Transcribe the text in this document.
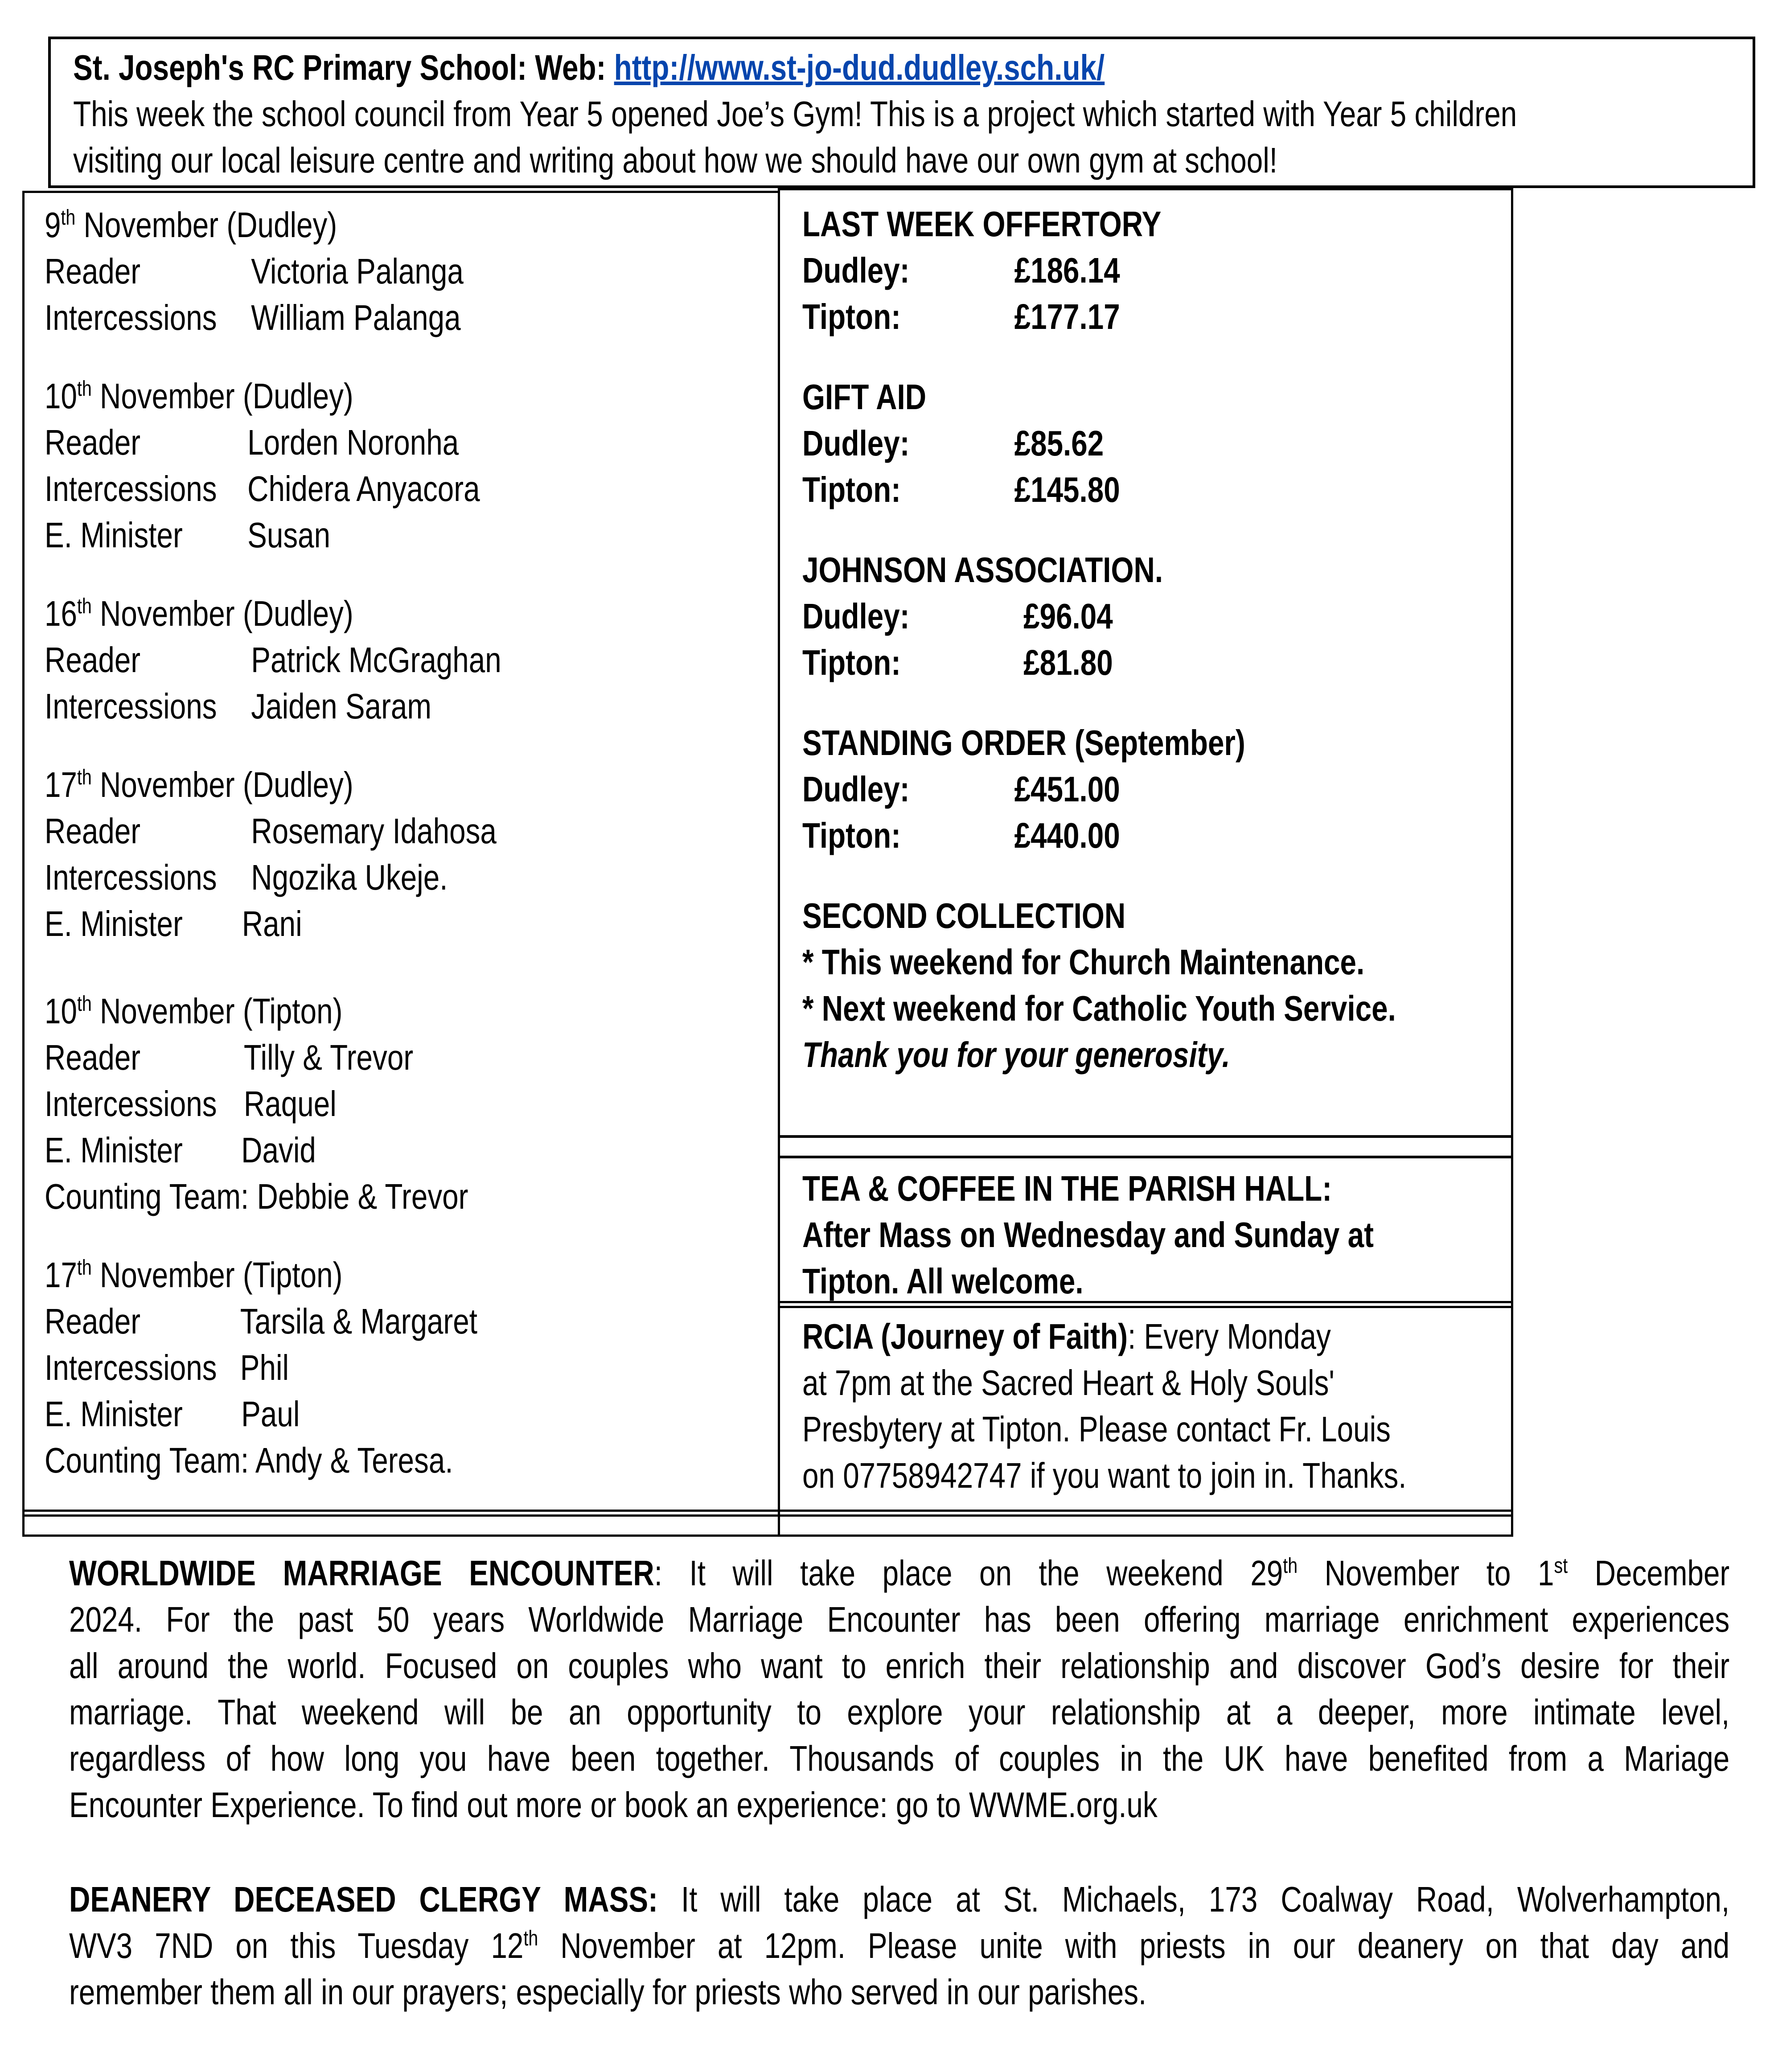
St. Joseph's RC Primary School: Web: http://www.st-jo-dud.dudley.sch.uk/
This week the school council from Year 5 opened Joe’s Gym! This is a project which started with Year 5 children
visiting our local leisure centre and writing about how we should have our own gym at school!
9th November (Dudley)
Reader	Victoria Palanga
Intercessions William Palanga
10th November (Dudley)
Reader	Lorden Noronha
Intercessions Chidera Anyacora
E. Minister Susan
16th November (Dudley)
Reader	Patrick McGraghan
Intercessions Jaiden Saram
17th November (Dudley)
Reader	Rosemary Idahosa
Intercessions Ngozika Ukeje.
E. Minister Rani
10th November (Tipton)
Reader	Tilly & Trevor
Intercessions Raquel
E. Minister David
Counting Team: Debbie & Trevor
17th November (Tipton)
Reader	Tarsila & Margaret
Intercessions Phil
E. Minister Paul
Counting Team: Andy & Teresa.
LAST WEEK OFFERTORY
Dudley:	£186.14
Tipton:	£177.17
GIFT AID
Dudley:	£85.62
Tipton:	£145.80
JOHNSON ASSOCIATION.
Dudley:	£96.04
Tipton:	£81.80
STANDING ORDER (September)
Dudley:	£451.00
Tipton:	£440.00
SECOND COLLECTION
* This weekend for Church Maintenance.
* Next weekend for Catholic Youth Service.
Thank you for your generosity.
TEA & COFFEE IN THE PARISH HALL:
After Mass on Wednesday and Sunday at
Tipton. All welcome.
RCIA (Journey of Faith): Every Monday
at 7pm at the Sacred Heart & Holy Souls'
Presbytery at Tipton. Please contact Fr. Louis
on 07758942747 if you want to join in. Thanks.
WORLDWIDE MARRIAGE ENCOUNTER: It will take place on the weekend 29th November to 1st December
2024. For the past 50 years Worldwide Marriage Encounter has been offering marriage enrichment experiences
all around the world. Focused on couples who want to enrich their relationship and discover God’s desire for their
marriage. That weekend will be an opportunity to explore your relationship at a deeper, more intimate level,
regardless of how long you have been together. Thousands of couples in the UK have benefited from a Mariage
Encounter Experience. To find out more or book an experience: go to WWME.org.uk
DEANERY DECEASED CLERGY MASS: It will take place at St. Michaels, 173 Coalway Road, Wolverhampton,
WV3 7ND on this Tuesday 12th November at 12pm. Please unite with priests in our deanery on that day and
remember them all in our prayers; especially for priests who served in our parishes.
